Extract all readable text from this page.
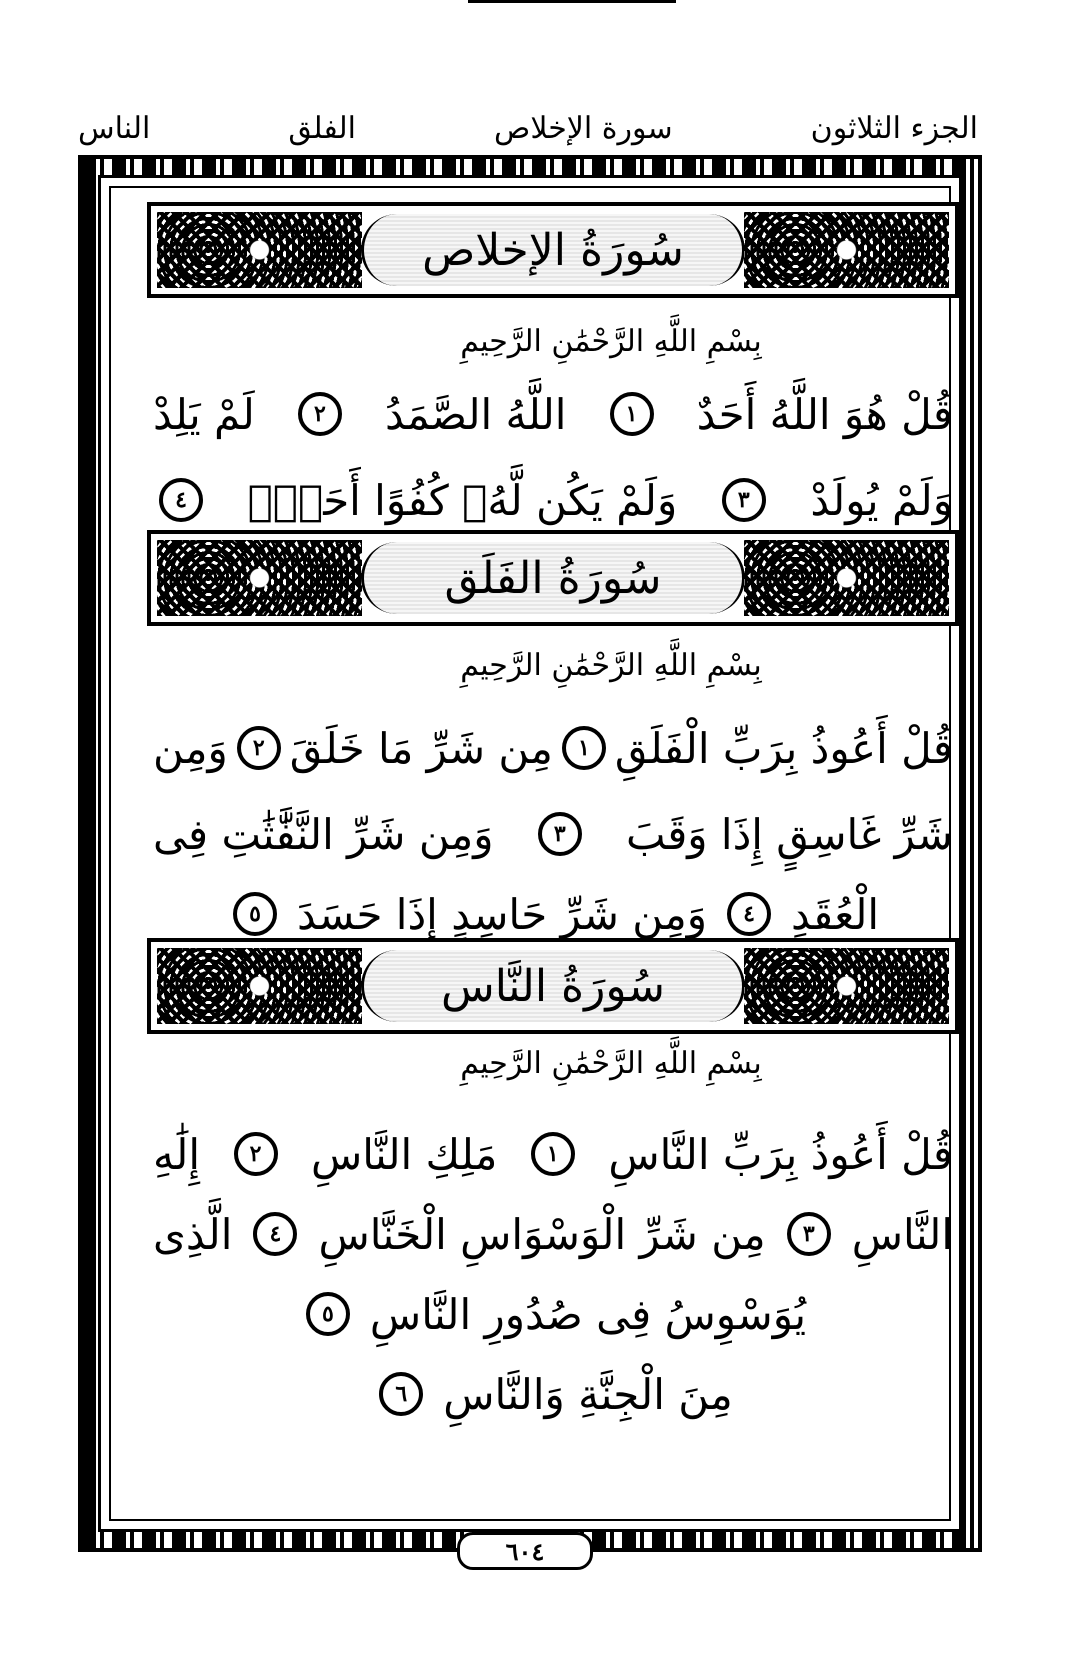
الجزء الثلاثون
سورة الإخلاص
الفلق
الناس
سُورَةُ الإخلاص
بِسْمِ اللَّهِ الرَّحْمَٰنِ الرَّحِيمِ
قُلْ هُوَ اللَّهُ أَحَدٌ
١
اللَّهُ الصَّمَدُ
٢
لَمْ يَلِدْ
وَلَمْ يُولَدْ
٣
وَلَمْ يَكُن لَّهُۥ كُفُوًا أَحَدٌۢ
٤
سُورَةُ الفَلَق
بِسْمِ اللَّهِ الرَّحْمَٰنِ الرَّحِيمِ
قُلْ أَعُوذُ بِرَبِّ الْفَلَقِ
١
مِن شَرِّ مَا خَلَقَ
٢
وَمِن
شَرِّ غَاسِقٍ إِذَا وَقَبَ
٣
وَمِن شَرِّ النَّفَّٰثَٰتِ فِى
الْعُقَدِ
٤
وَمِن شَرِّ حَاسِدٍ إِذَا حَسَدَ
٥
سُورَةُ النَّاس
بِسْمِ اللَّهِ الرَّحْمَٰنِ الرَّحِيمِ
قُلْ أَعُوذُ بِرَبِّ النَّاسِ
١
مَلِكِ النَّاسِ
٢
إِلَٰهِ
النَّاسِ
٣
مِن شَرِّ الْوَسْوَاسِ الْخَنَّاسِ
٤
الَّذِى
يُوَسْوِسُ فِى صُدُورِ النَّاسِ
٥
مِنَ الْجِنَّةِ وَالنَّاسِ
٦
٦٠٤
